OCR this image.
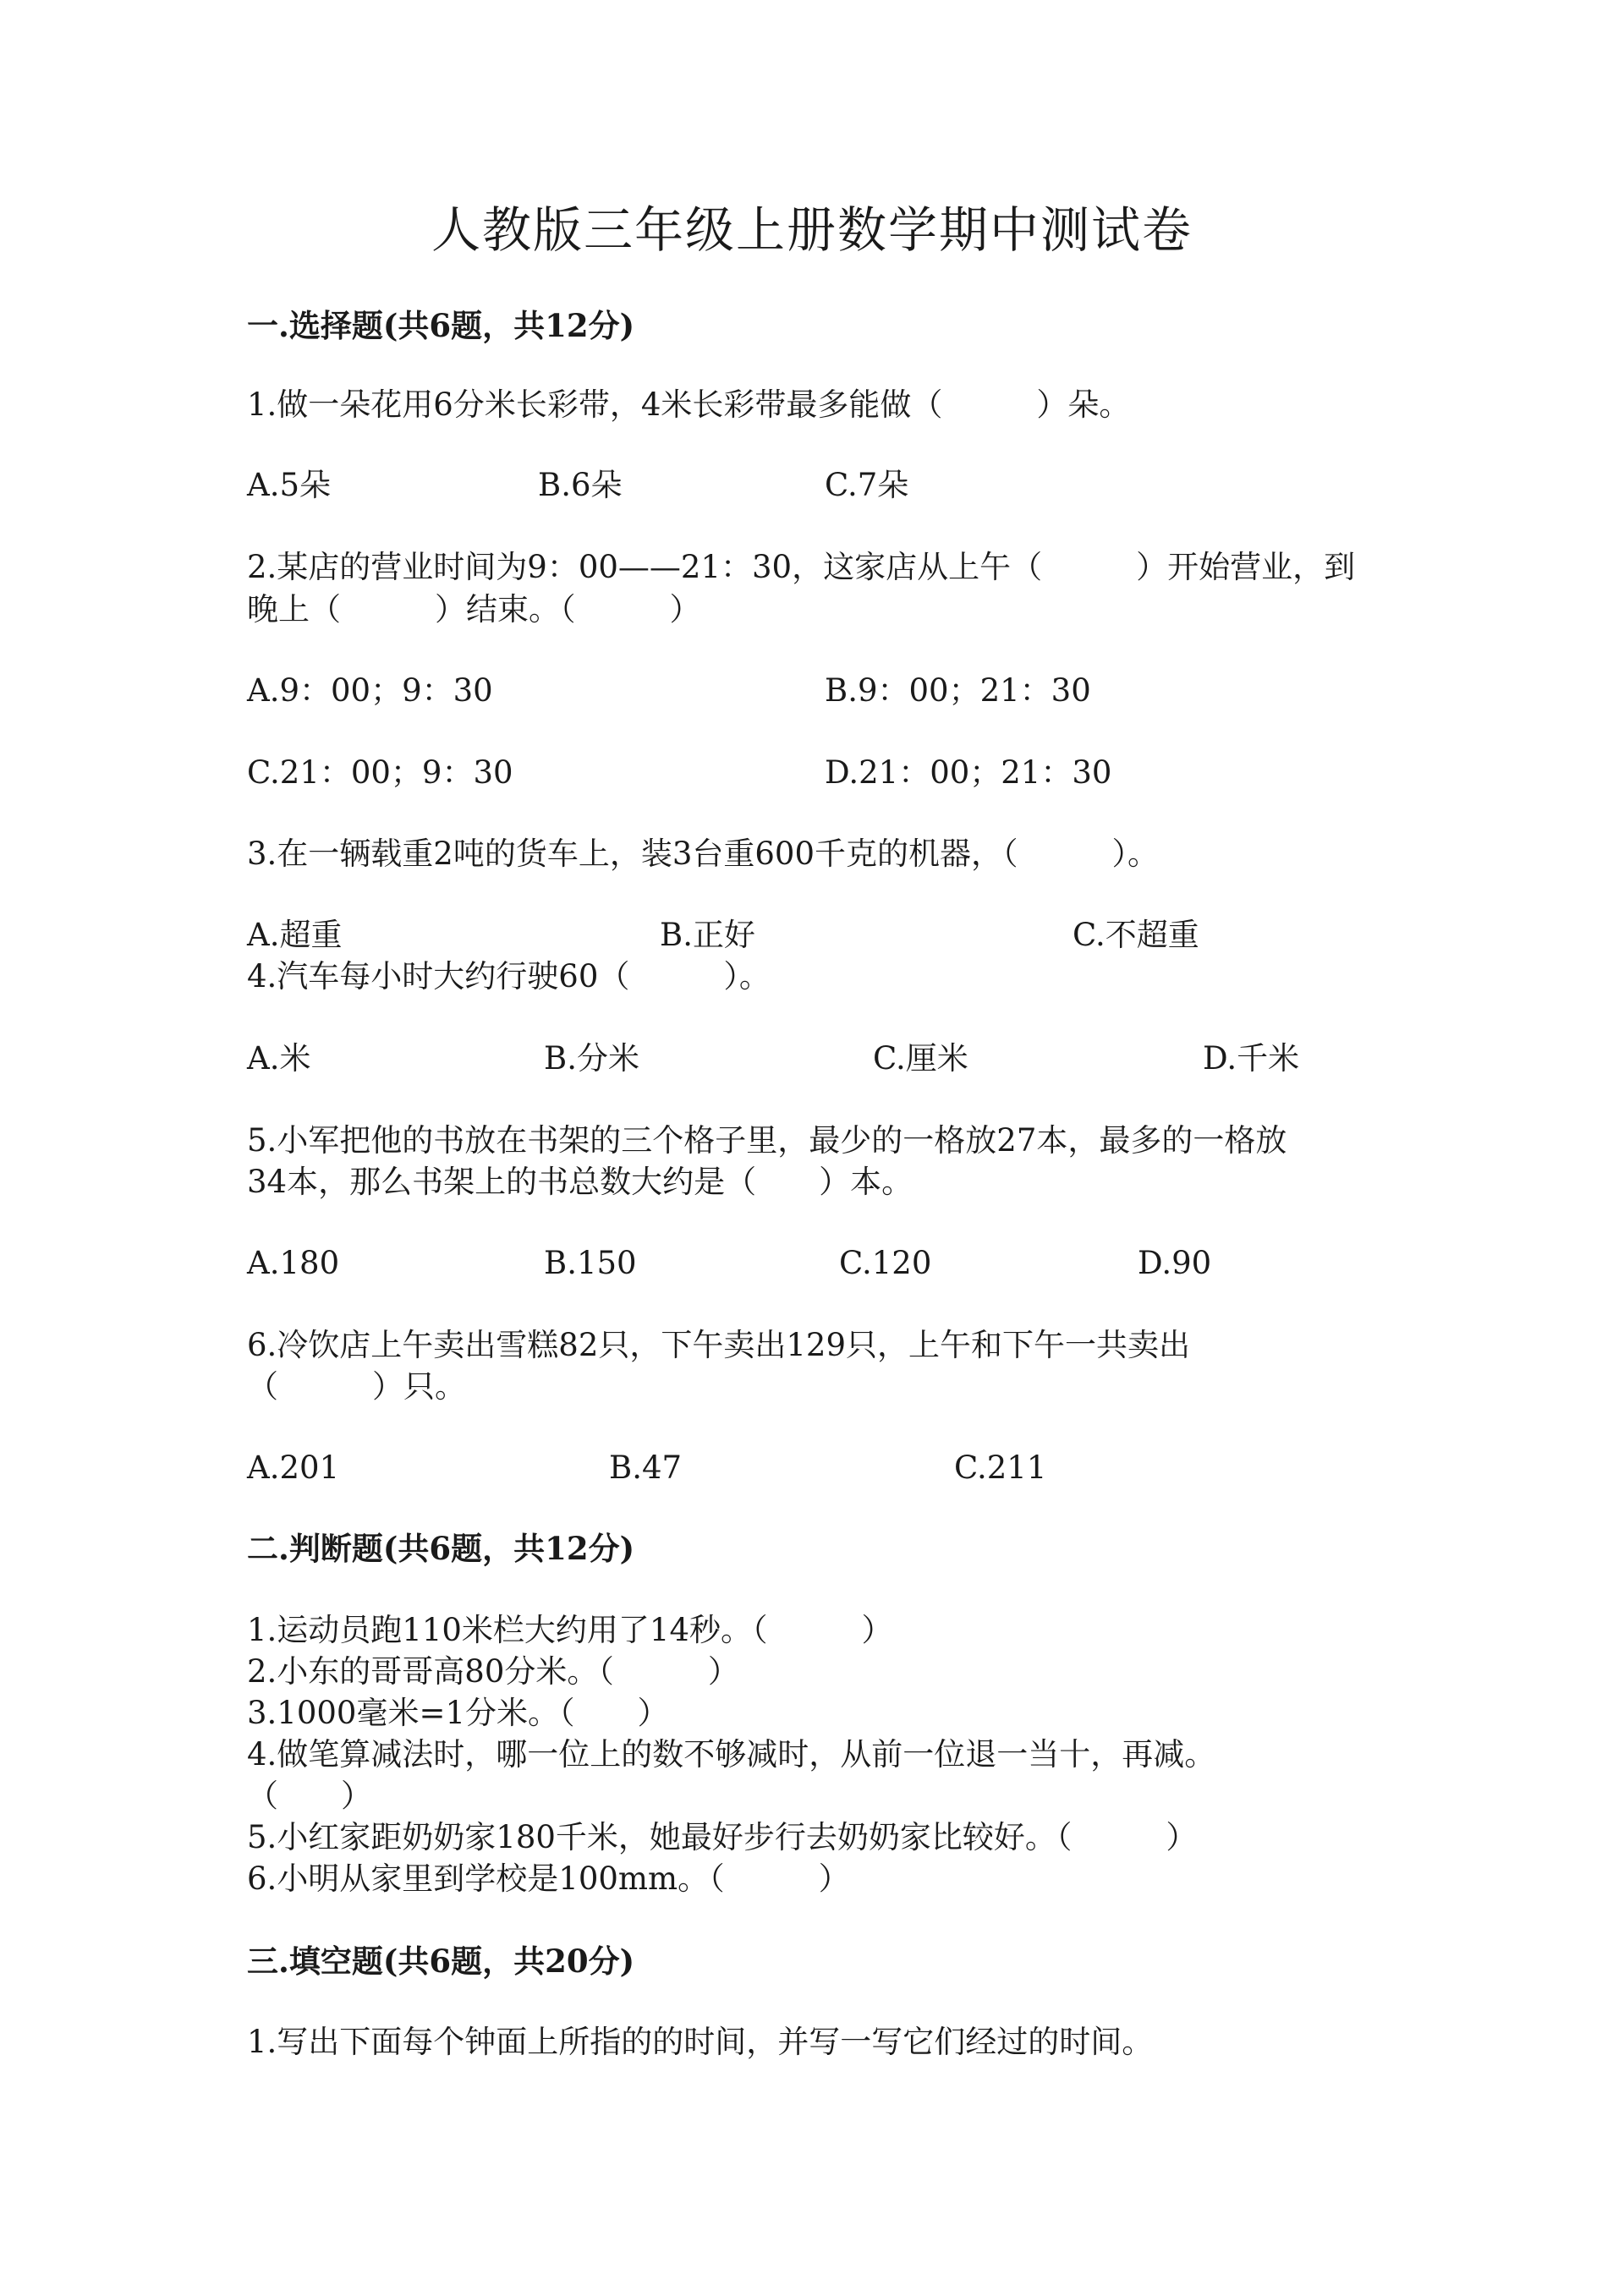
人教版三年级上册数学期中测试卷
一.选择题(共6题，共12分)
1.做一朵花用6分米长彩带，4米长彩带最多能做（　　　）朵。
A.5朵	B.6朵	C.7朵
2.某店的营业时间为9：00——21：30，这家店从上午（　　　）开始营业，到
晚上（　　　）结束。（　　　）
A.9：00；9：30	B.9：00；21：30
C.21：00；9：30	D.21：00；21：30
3.在一辆载重2吨的货车上，装3台重600千克的机器，（　　　）。
A.超重	B.正好	C.不超重
4.汽车每小时大约行驶60（　　　）。
A.米	B.分米	C.厘米	D.千米
5.小军把他的书放在书架的三个格子里，最少的一格放27本，最多的一格放
34本，那么书架上的书总数大约是（　　）本。
A.180	B.150	C.120	D.90
6.冷饮店上午卖出雪糕82只，下午卖出129只，上午和下午一共卖出
（　　　）只。
A.201	B.47	C.211
二.判断题(共6题，共12分)
1.运动员跑110米栏大约用了14秒。（　　　）
2.小东的哥哥高80分米。（　　　）
3.1000毫米=1分米。（　　）
4.做笔算减法时，哪一位上的数不够减时，从前一位退一当十，再减。
（　　）
5.小红家距奶奶家180千米，她最好步行去奶奶家比较好。（　　　）
6.小明从家里到学校是100mm。（　　　）
三.填空题(共6题，共20分)
1.写出下面每个钟面上所指的的时间，并写一写它们经过的时间。
